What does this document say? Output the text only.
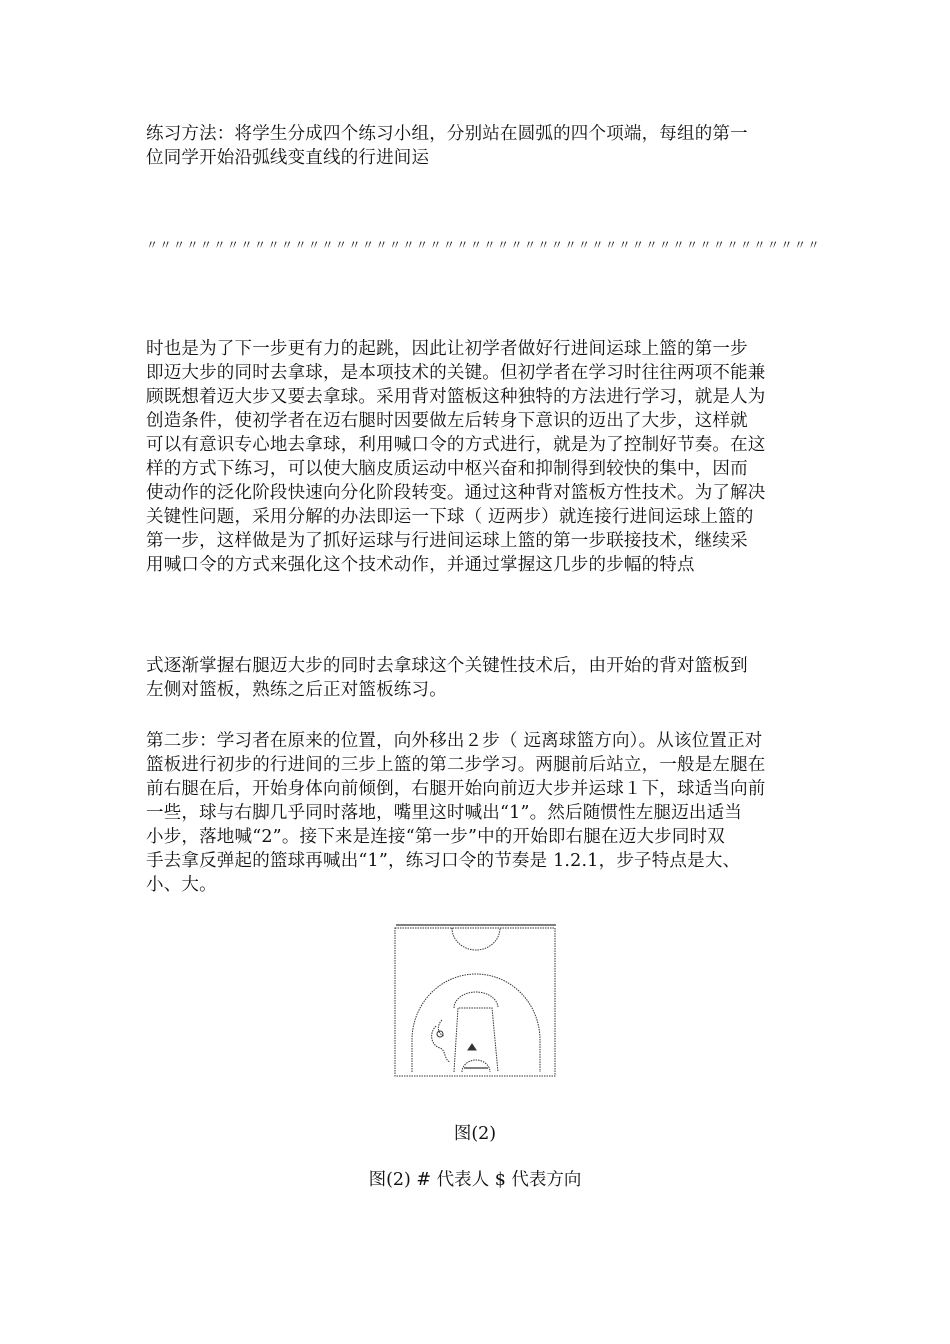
练习方法：将学生分成四个练习小组，分别站在圆弧的四个项端，每组的第一
位同学开始沿弧线变直线的行进间运

〃〃〃〃〃〃〃〃〃〃〃〃〃〃〃〃〃〃〃〃〃〃〃〃〃〃〃〃〃〃〃〃〃〃〃〃〃〃〃〃〃〃〃〃〃〃〃〃〃〃

时也是为了下一步更有力的起跳，因此让初学者做好行进间运球上篮的第一步
即迈大步的同时去拿球，是本项技术的关键。但初学者在学习时往往两项不能兼
顾既想着迈大步又要去拿球。采用背对篮板这种独特的方法进行学习，就是人为
创造条件，使初学者在迈右腿时因要做左后转身下意识的迈出了大步，这样就
可以有意识专心地去拿球，利用喊口令的方式进行，就是为了控制好节奏。在这
样的方式下练习，可以使大脑皮质运动中枢兴奋和抑制得到较快的集中，因而
使动作的泛化阶段快速向分化阶段转变。通过这种背对篮板方性技术。为了解决
关键性问题，采用分解的办法即运一下球（ 迈两步）就连接行进间运球上篮的
第一步，这样做是为了抓好运球与行进间运球上篮的第一步联接技术，继续采
用喊口令的方式来强化这个技术动作，并通过掌握这几步的步幅的特点

式逐渐掌握右腿迈大步的同时去拿球这个关键性技术后，由开始的背对篮板到
左侧对篮板，熟练之后正对篮板练习。

第二步：学习者在原来的位置，向外移出２步（ 远离球篮方向）。从该位置正对
篮板进行初步的行进间的三步上篮的第二步学习。两腿前后站立，一般是左腿在
前右腿在后，开始身体向前倾倒，右腿开始向前迈大步并运球１下，球适当向前
一些，球与右脚几乎同时落地，嘴里这时喊出“1”。然后随惯性左腿迈出适当
小步，落地喊“2”。接下来是连接“第一步”中的开始即右腿在迈大步同时双
手去拿反弹起的篮球再喊出“1”，练习口令的节奏是 1.2.1，步子特点是大、
小、大。

图(2)
图(2) # 代表人 $ 代表方向
